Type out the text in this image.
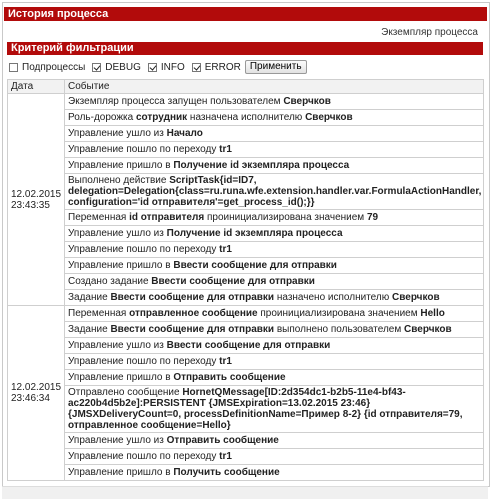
История процесса
Экземпляр процесса
Критерий фильтрации
Подпроцессы DEBUG INFO ERROR Применить
Дата	Событие

12.02.2015
23:43:35	Экземпляр процесса запущен пользователем Сверчков
	Роль-дорожка сотрудник назначена исполнителю Сверчков
	Управление ушло из Начало
	Управление пошло по переходу tr1
	Управление пришло в Получение id экземпляра процесса
	Выполнено действие ScriptTask{id=ID7, delegation=Delegation{class=ru.runa.wfe.extension.handler.var.FormulaActionHandler, configuration='id отправителя'=get_process_id();}}
	Переменная id отправителя проинициализирована значением 79
	Управление ушло из Получение id экземпляра процесса
	Управление пошло по переходу tr1
	Управление пришло в Ввести сообщение для отправки
	Создано задание Ввести сообщение для отправки
	Задание Ввести сообщение для отправки назначено исполнителю Сверчков

12.02.2015
23:46:34	Переменная отправленное сообщение проинициализирована значением Hello
	Задание Ввести сообщение для отправки выполнено пользователем Сверчков
	Управление ушло из Ввести сообщение для отправки
	Управление пошло по переходу tr1
	Управление пришло в Отправить сообщение
	Отправлено сообщение HornetQMessage[ID:2d354dc1-b2b5-11e4-bf43-ac220b4d5b2e]:PERSISTENT {JMSExpiration=13.02.2015 23:46} {JMSXDeliveryCount=0, processDefinitionName=Пример 8-2} {id отправителя=79, отправленное сообщение=Hello}
	Управление ушло из Отправить сообщение
	Управление пошло по переходу tr1
	Управление пришло в Получить сообщение
